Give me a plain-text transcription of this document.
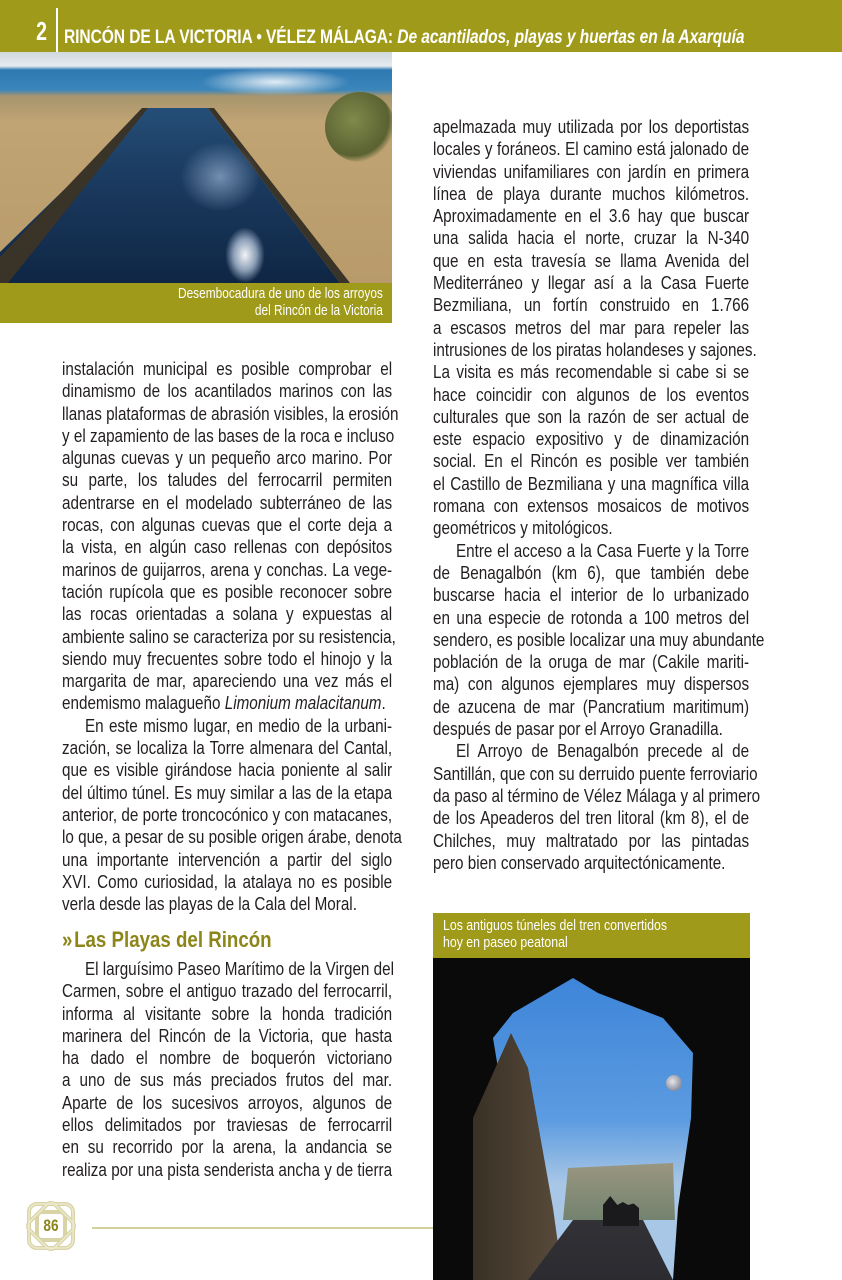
2 RINCÓN DE LA VICTORIA • VÉLEZ MÁLAGA: De acantilados, playas y huertas en la Axarquía
Desembocadura de uno de los arroyos
del Rincón de la Victoria

instalación municipal es posible comprobar el
dinamismo de los acantilados marinos con las
llanas plataformas de abrasión visibles, la erosión
y el zapamiento de las bases de la roca e incluso
algunas cuevas y un pequeño arco marino. Por
su parte, los taludes del ferrocarril permiten
adentrarse en el modelado subterráneo de las
rocas, con algunas cuevas que el corte deja a
la vista, en algún caso rellenas con depósitos
marinos de guijarros, arena y conchas. La vege-
tación rupícola que es posible reconocer sobre
las rocas orientadas a solana y expuestas al
ambiente salino se caracteriza por su resistencia,
siendo muy frecuentes sobre todo el hinojo y la
margarita de mar, apareciendo una vez más el
endemismo malagueño Limonium malacitanum.

En este mismo lugar, en medio de la urbani-
zación, se localiza la Torre almenara del Cantal,
que es visible girándose hacia poniente al salir
del último túnel. Es muy similar a las de la etapa
anterior, de porte troncocónico y con matacanes,
lo que, a pesar de su posible origen árabe, denota
una importante intervención a partir del siglo
XVI. Como curiosidad, la atalaya no es posible
verla desde las playas de la Cala del Moral.

» Las Playas del Rincón

El larguísimo Paseo Marítimo de la Virgen del
Carmen, sobre el antiguo trazado del ferrocarril,
informa al visitante sobre la honda tradición
marinera del Rincón de la Victoria, que hasta
ha dado el nombre de boquerón victoriano
a uno de sus más preciados frutos del mar.
Aparte de los sucesivos arroyos, algunos de
ellos delimitados por traviesas de ferrocarril
en su recorrido por la arena, la andancia se
realiza por una pista senderista ancha y de tierra

apelmazada muy utilizada por los deportistas
locales y foráneos. El camino está jalonado de
viviendas unifamiliares con jardín en primera
línea de playa durante muchos kilómetros.
Aproximadamente en el 3.6 hay que buscar
una salida hacia el norte, cruzar la N-340
que en esta travesía se llama Avenida del
Mediterráneo y llegar así a la Casa Fuerte
Bezmiliana, un fortín construido en 1.766
a escasos metros del mar para repeler las
intrusiones de los piratas holandeses y sajones.
La visita es más recomendable si cabe si se
hace coincidir con algunos de los eventos
culturales que son la razón de ser actual de
este espacio expositivo y de dinamización
social. En el Rincón es posible ver también
el Castillo de Bezmiliana y una magnífica villa
romana con extensos mosaicos de motivos
geométricos y mitológicos.

Entre el acceso a la Casa Fuerte y la Torre
de Benagalbón (km 6), que también debe
buscarse hacia el interior de lo urbanizado
en una especie de rotonda a 100 metros del
sendero, es posible localizar una muy abundante
población de la oruga de mar (Cakile mariti-
ma) con algunos ejemplares muy dispersos
de azucena de mar (Pancratium maritimum)
después de pasar por el Arroyo Granadilla.

El Arroyo de Benagalbón precede al de
Santillán, que con su derruido puente ferroviario
da paso al término de Vélez Málaga y al primero
de los Apeaderos del tren litoral (km 8), el de
Chilches, muy maltratado por las pintadas
pero bien conservado arquitectónicamente.

Los antiguos túneles del tren convertidos
hoy en paseo peatonal
86
